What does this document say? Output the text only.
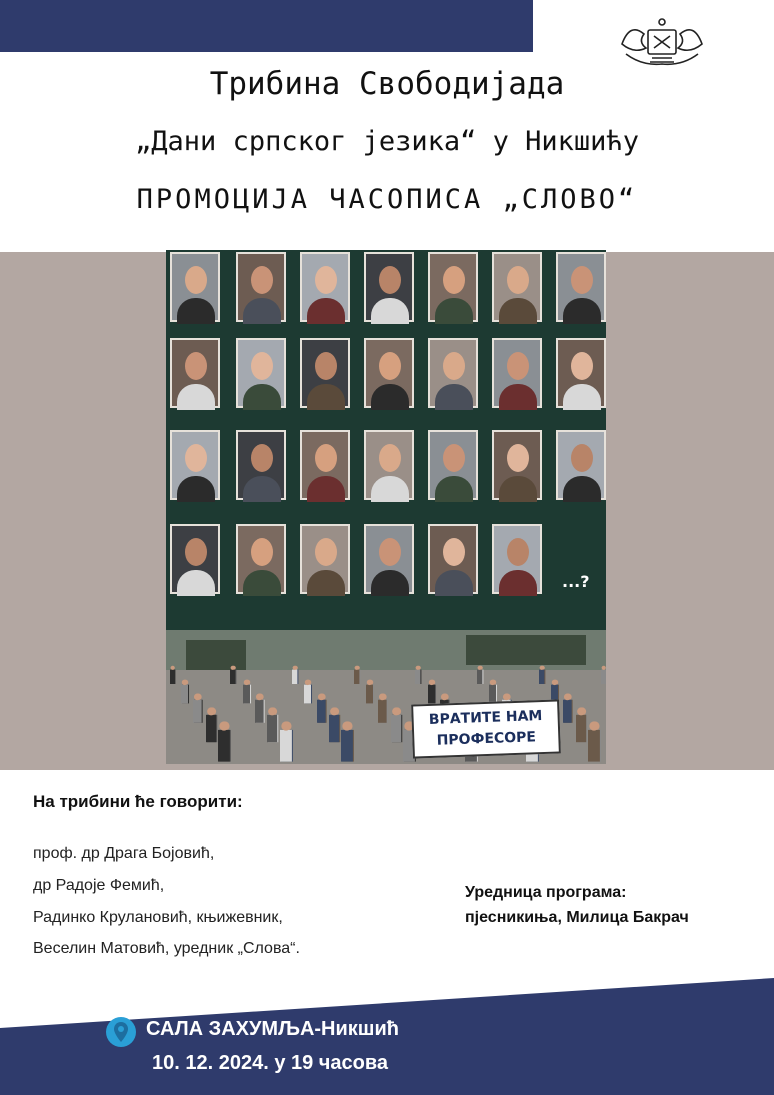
Трибина Свободијада
„Дани српског језика“ у Никшићу
ПРОМОЦИЈА ЧАСОПИСА „СЛОВО“
...?
ВРАТИТЕ НАМ
ПРОФЕСОРЕ
На трибини ће говорити:
проф. др Драга Бојовић,
др Радоје Фемић,
Радинко Крулановић, књижевник,
Веселин Матовић, уредник „Слова“.
Уредница програма:
пјесникиња, Милица Бакрач
САЛА ЗАХУМЉА-Никшић
10. 12. 2024. у 19 часова
